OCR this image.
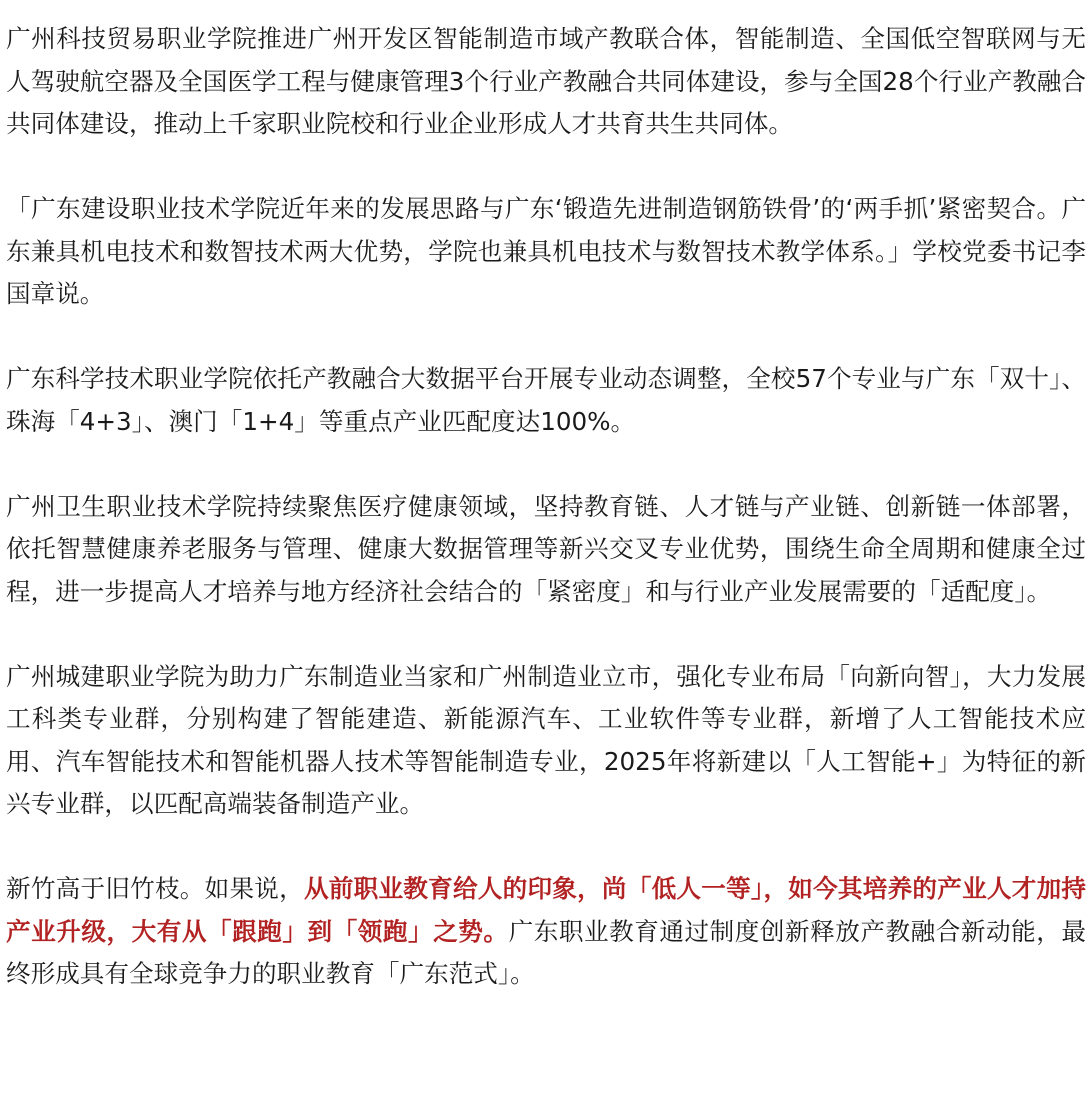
广州科技贸易职业学院推进广州开发区智能制造市域产教联合体，智能制造、全国低空智联网与无人驾驶航空器及全国医学工程与健康管理3个行业产教融合共同体建设，参与全国28个行业产教融合共同体建设，推动上千家职业院校和行业企业形成人才共育共生共同体。

「广东建设职业技术学院近年来的发展思路与广东‘锻造先进制造钢筋铁骨’的‘两手抓’紧密契合。广东兼具机电技术和数智技术两大优势，学院也兼具机电技术与数智技术教学体系。」学校党委书记李国章说。

广东科学技术职业学院依托产教融合大数据平台开展专业动态调整，全校57个专业与广东「双十」、珠海「4+3」、澳门「1+4」等重点产业匹配度达100%。

广州卫生职业技术学院持续聚焦医疗健康领域，坚持教育链、人才链与产业链、创新链一体部署，依托智慧健康养老服务与管理、健康大数据管理等新兴交叉专业优势，围绕生命全周期和健康全过程，进一步提高人才培养与地方经济社会结合的「紧密度」和与行业产业发展需要的「适配度」。

广州城建职业学院为助力广东制造业当家和广州制造业立市，强化专业布局「向新向智」，大力发展工科类专业群，分别构建了智能建造、新能源汽车、工业软件等专业群，新增了人工智能技术应用、汽车智能技术和智能机器人技术等智能制造专业，2025年将新建以「人工智能+」为特征的新兴专业群，以匹配高端装备制造产业。

新竹高于旧竹枝。如果说，从前职业教育给人的印象，尚「低人一等」，如今其培养的产业人才加持产业升级，大有从「跟跑」到「领跑」之势。广东职业教育通过制度创新释放产教融合新动能，最终形成具有全球竞争力的职业教育「广东范式」。
